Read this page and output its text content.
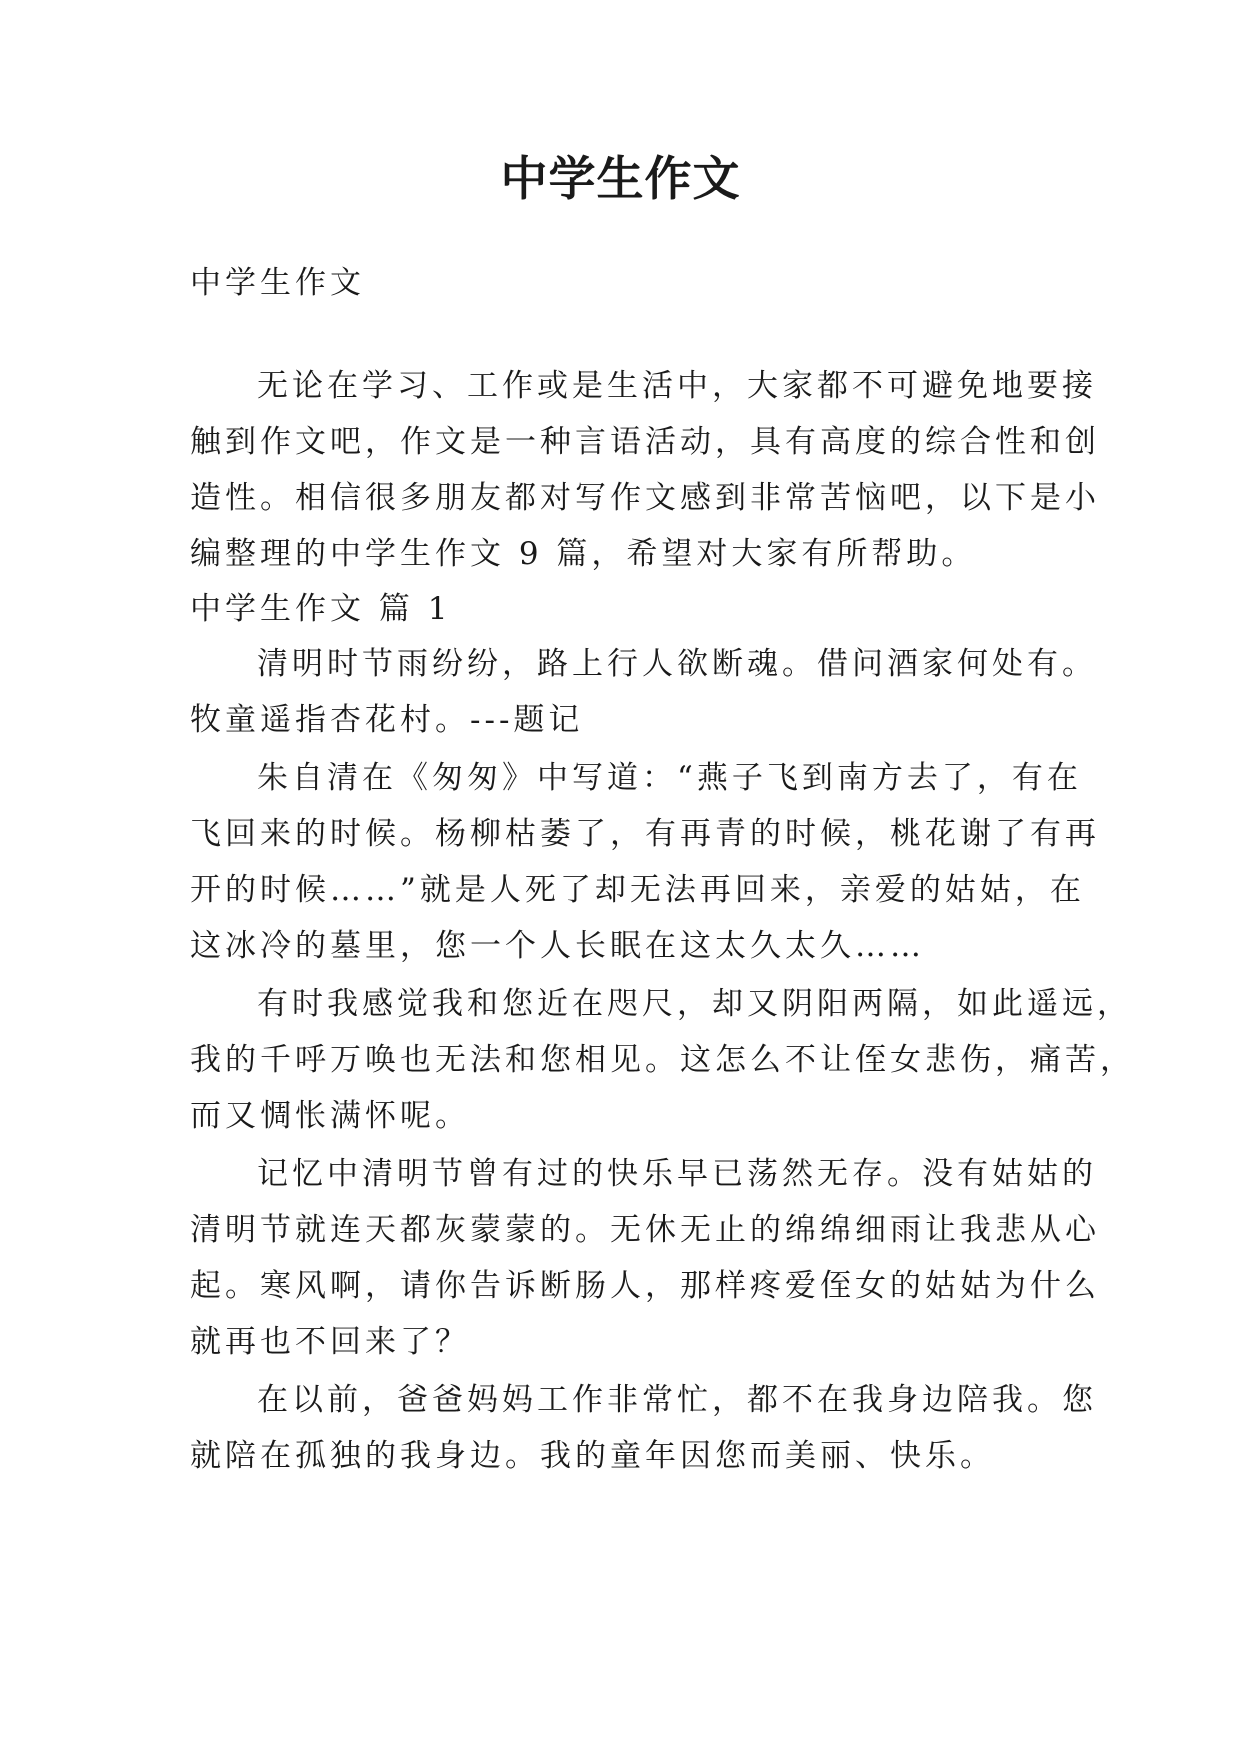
中学生作文

中学生作文

无论在学习、工作或是生活中，大家都不可避免地要接

触到作文吧，作文是一种言语活动，具有高度的综合性和创

造性。相信很多朋友都对写作文感到非常苦恼吧，以下是小

编整理的中学生作文 9 篇，希望对大家有所帮助。

中学生作文 篇 1

清明时节雨纷纷，路上行人欲断魂。借问酒家何处有。

牧童遥指杏花村。---题记

朱自清在《匆匆》中写道：“燕子飞到南方去了，有在

飞回来的时候。杨柳枯萎了，有再青的时候，桃花谢了有再

开的时候……”就是人死了却无法再回来，亲爱的姑姑，在

这冰冷的墓里，您一个人长眠在这太久太久……

有时我感觉我和您近在咫尺，却又阴阳两隔，如此遥远，

我的千呼万唤也无法和您相见。这怎么不让侄女悲伤，痛苦，

而又惆怅满怀呢。

记忆中清明节曾有过的快乐早已荡然无存。没有姑姑的

清明节就连天都灰蒙蒙的。无休无止的绵绵细雨让我悲从心

起。寒风啊，请你告诉断肠人，那样疼爱侄女的姑姑为什么

就再也不回来了？

在以前，爸爸妈妈工作非常忙，都不在我身边陪我。您

就陪在孤独的我身边。我的童年因您而美丽、快乐。
